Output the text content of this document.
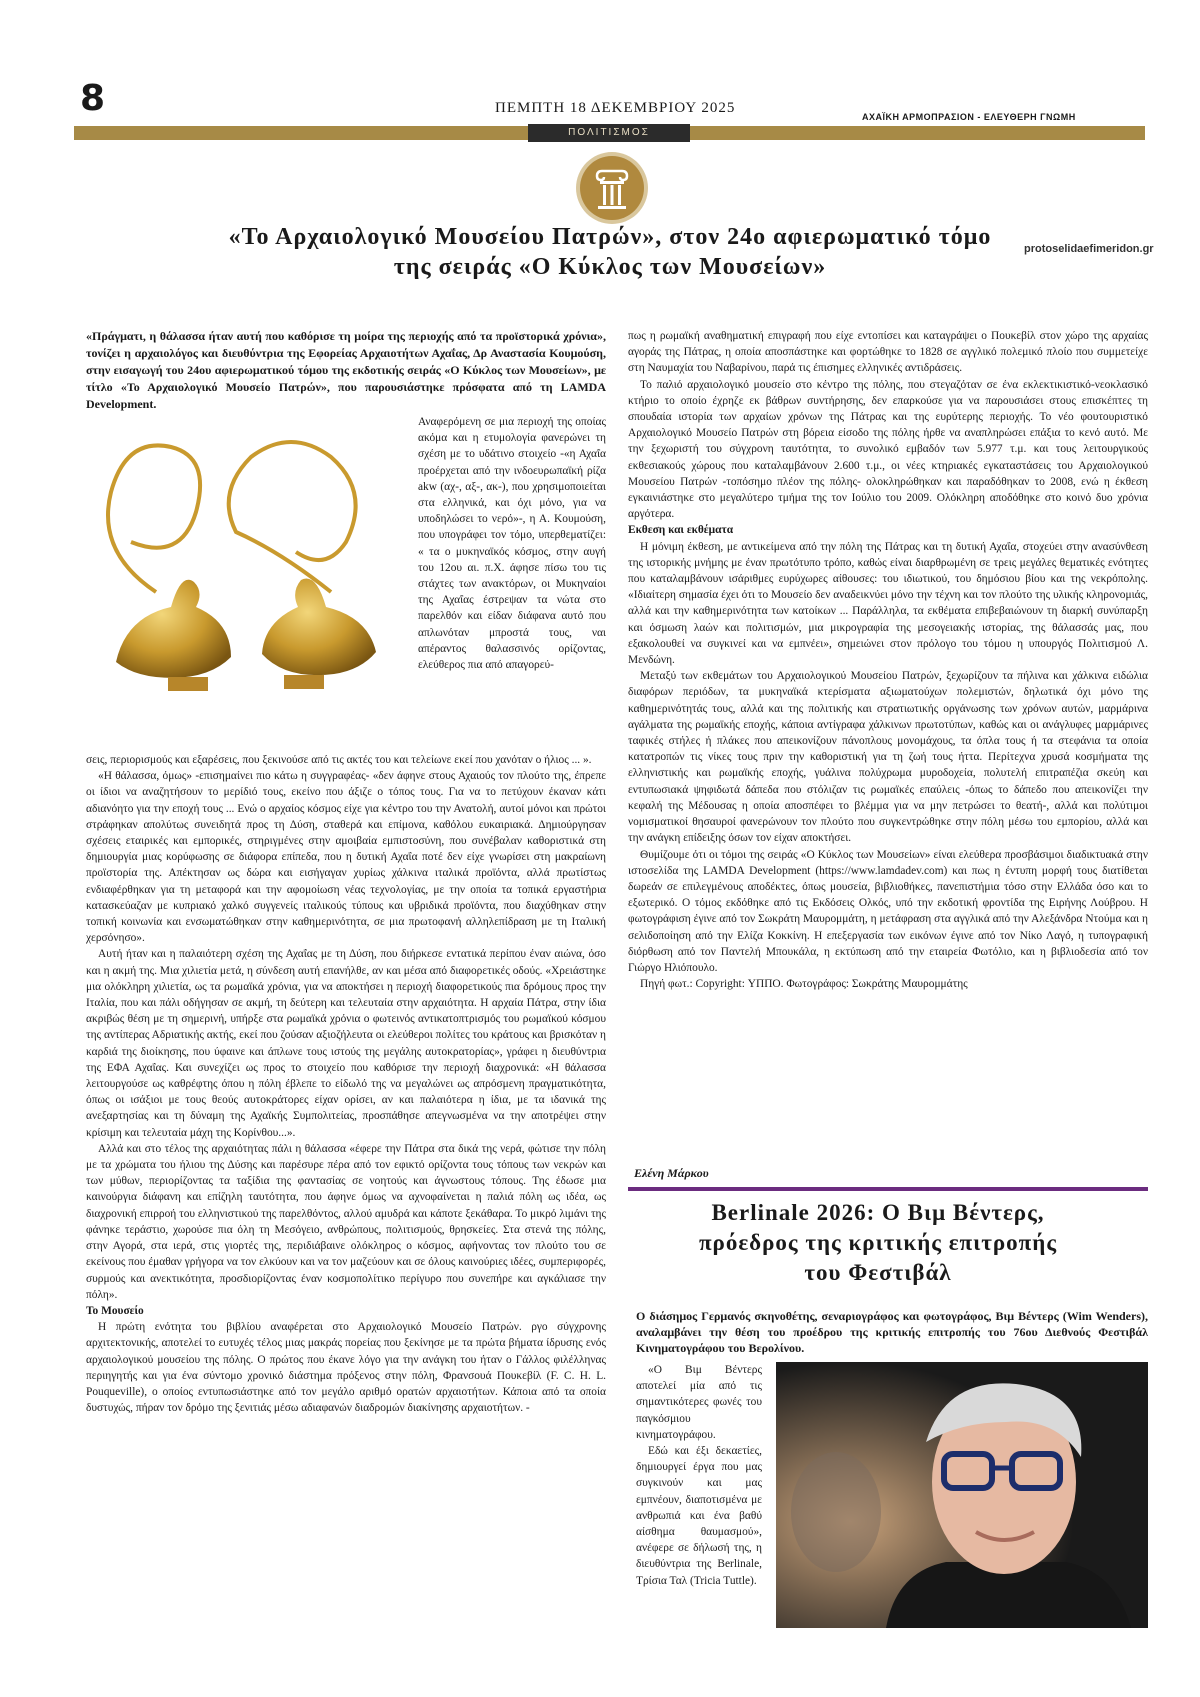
8	ΠΕΜΠΤΗ 18 ΔΕΚΕΜΒΡΙΟΥ 2025
ΑΧΑΪΚΗ ΑΡΜΟΠΡΑΣΙΟΝ - ΕΛΕΥΘΕΡΗ ΓΝΩΜΗ
ΠΟΛΙΤΙΣΜΟΣ
«Το Αρχαιολογικό Μουσείου Πατρών», στον 24ο αφιερωματικό τόμο
της σειράς «Ο Κύκλος των Μουσείων»
protoselidaefimeridon.gr
«Πράγματι, η θάλασσα ήταν αυτή που καθόρισε τη μοίρα της περιοχής από τα προϊστορικά χρόνια», τονίζει η αρχαιολόγος και διευθύντρια της Εφορείας Αρχαιοτήτων Αχαΐας, Δρ Αναστασία Κουμούση, στην εισαγωγή του 24ου αφιερωματικού τόμου της εκδοτικής σειράς «Ο Κύκλος των Μουσείων», με τίτλο «Το Αρχαιολογικό Μουσείο Πατρών», που παρουσιάστηκε πρόσφατα από τη LAMDA Development.
Αναφερόμενη σε μια περιοχή της οποίας ακόμα και η ετυμολογία φανερώνει τη σχέση με το υδάτινο στοιχείο -«η Αχαΐα προέρχεται από την ινδοευρωπαϊκή ρίζα akw (αχ-, αξ-, ακ-), που χρησιμοποιείται στα ελληνικά, και όχι μόνο, για να υποδηλώσει το νερό»-, η Α. Κουμούση, που υπογράφει τον τόμο, υπερθεματίζει: « τα ο μυκηναϊκός κόσμος, στην αυγή του 12ου αι. π.Χ. άφησε πίσω του τις στάχτες των ανακτόρων, οι Μυκηναίοι της Αχαΐας έστρεψαν τα νώτα στο παρελθόν και είδαν διάφανα αυτό που απλωνόταν μπροστά τους, ναι απέραντος θαλασσινός ορίζοντας, ελεύθερος πια από απαγορεύ-

σεις, περιορισμούς και εξαρέσεις, που ξεκινούσε από τις ακτές του και τελείωνε εκεί που χανόταν ο ήλιος ... ».

«Η θάλασσα, όμως» -επισημαίνει πιο κάτω η συγγραφέας- «δεν άφηνε στους Αχαιούς τον πλούτο της, έπρεπε οι ίδιοι να αναζητήσουν το μερίδιό τους, εκείνο που άξιζε ο τόπος τους. Για να το πετύχουν έκαναν κάτι αδιανόητο για την εποχή τους ... Ενώ ο αρχαίος κόσμος είχε για κέντρο του την Ανατολή, αυτοί μόνοι και πρώτοι στράφηκαν απολύτως συνειδητά προς τη Δύση, σταθερά και επίμονα, καθόλου ευκαιριακά. Δημιούργησαν σχέσεις εταιρικές και εμπορικές, στηριγμένες στην αμοιβαία εμπιστοσύνη, που συνέβαλαν καθοριστικά στη δημιουργία μιας κορύφωσης σε διάφορα επίπεδα, που η δυτική Αχαΐα ποτέ δεν είχε γνωρίσει στη μακραίωνη προϊστορία της. Απέκτησαν ως δώρα και εισήγαγαν χυρίως χάλκινα ιταλικά προϊόντα, αλλά πρωτίστως ενδιαφέρθηκαν για τη μεταφορά και την αφομοίωση νέας τεχνολογίας, με την οποία τα τοπικά εργαστήρια κατασκεύαζαν με κυπριακό χαλκό συγγενείς ιταλικούς τύπους και υβριδικά προϊόντα, που διαχύθηκαν στην τοπική κοινωνία και ενσωματώθηκαν στην καθημερινότητα, σε μια πρωτοφανή αλληλεπίδραση με τη Ιταλική χερσόνησο».

Αυτή ήταν και η παλαιότερη σχέση της Αχαΐας με τη Δύση, που διήρκεσε εντατικά περίπου έναν αιώνα, όσο και η ακμή της. Μια χιλιετία μετά, η σύνδεση αυτή επανήλθε, αν και μέσα από διαφορετικές οδούς. «Χρειάστηκε μια ολόκληρη χιλιετία, ως τα ρωμαϊκά χρόνια, για να αποκτήσει η περιοχή διαφορετικούς πια δρόμους προς την Ιταλία, που και πάλι οδήγησαν σε ακμή, τη δεύτερη και τελευταία στην αρχαιότητα. Η αρχαία Πάτρα, στην ίδια ακριβώς θέση με τη σημερινή, υπήρξε στα ρωμαϊκά χρόνια ο φωτεινός αντικατοπτρισμός του ρωμαϊκού κόσμου της αντίπερας Αδριατικής ακτής, εκεί που ζούσαν αξιοζήλευτα οι ελεύθεροι πολίτες του κράτους και βρισκόταν η καρδιά της διοίκησης, που ύφαινε και άπλωνε τους ιστούς της μεγάλης αυτοκρατορίας», γράφει η διευθύντρια της ΕΦΑ Αχαΐας. Και συνεχίζει ως προς το στοιχείο που καθόρισε την περιοχή διαχρονικά: «Η θάλασσα λειτουργούσε ως καθρέφτης όπου η πόλη έβλεπε το είδωλό της να μεγαλώνει ως απρόσμενη πραγματικότητα, όπως οι ισάξιοι με τους θεούς αυτοκράτορες είχαν ορίσει, αν και παλαιότερα η ίδια, με τα ιδανικά της ανεξαρτησίας και τη δύναμη της Αχαϊκής Συμπολιτείας, προσπάθησε απεγνωσμένα να την αποτρέψει στην κρίσιμη και τελευταία μάχη της Κορίνθου...».

Αλλά και στο τέλος της αρχαιότητας πάλι η θάλασσα «έφερε την Πάτρα στα δικά της νερά, φώτισε την πόλη με τα χρώματα του ήλιου της Δύσης και παρέσυρε πέρα από τον εφικτό ορίζοντα τους τόπους των νεκρών και των μύθων, περιορίζοντας τα ταξίδια της φαντασίας σε νοητούς και άγνωστους τόπους. Της έδωσε μια καινούργια διάφανη και επίζηλη ταυτότητα, που άφηνε όμως να αχνοφαίνεται η παλιά πόλη ως ιδέα, ως διαχρονική επιρροή του ελληνιστικού της παρελθόντος, αλλού αμυδρά και κάποτε ξεκάθαρα. Το μικρό λιμάνι της φάνηκε τεράστιο, χωρούσε πια όλη τη Μεσόγειο, ανθρώπους, πολιτισμούς, θρησκείες. Στα στενά της πόλης, στην Αγορά, στα ιερά, στις γιορτές της, περιδιάβαινε ολόκληρος ο κόσμος, αφήνοντας τον πλούτο του σε εκείνους που έμαθαν γρήγορα να τον ελκύουν και να τον μαζεύουν και σε όλους καινούριες ιδέες, συμπεριφορές, συρμούς και ανεκτικότητα, προσδιορίζοντας έναν κοσμοπολίτικο περίγυρο που συνεπήρε και αγκάλιασε την πόλη».

Το Μουσείο

Η πρώτη ενότητα του βιβλίου αναφέρεται στο Αρχαιολογικό Μουσείο Πατρών. ργο σύγχρονης αρχιτεκτονικής, αποτελεί το ευτυχές τέλος μιας μακράς πορείας που ξεκίνησε με τα πρώτα βήματα ίδρυσης ενός αρχαιολογικού μουσείου της πόλης. Ο πρώτος που έκανε λόγο για την ανάγκη του ήταν ο Γάλλος φιλέλληνας περιηγητής και για ένα σύντομο χρονικό διάστημα πρόξενος στην πόλη, Φρανσουά Πουκεβίλ (F. C. H. L. Pouqueville), ο οποίος εντυπωσιάστηκε από τον μεγάλο αριθμό ορατών αρχαιοτήτων. Κάποια από τα οποία δυστυχώς, πήραν τον δρόμο της ξενιτιάς μέσω αδιαφανών διαδρομών διακίνησης αρχαιοτήτων. -

πως η ρωμαϊκή αναθηματική επιγραφή που είχε εντοπίσει και καταγράψει ο Πουκεβίλ στον χώρο της αρχαίας αγοράς της Πάτρας, η οποία αποσπάστηκε και φορτώθηκε το 1828 σε αγγλικό πολεμικό πλοίο που συμμετείχε στη Ναυμαχία του Ναβαρίνου, παρά τις έπισημες ελληνικές αντιδράσεις.

Το παλιό αρχαιολογικό μουσείο στο κέντρο της πόλης, που στεγαζόταν σε ένα εκλεκτικιστικό-νεοκλασικό κτήριο το οποίο έχρηζε εκ βάθρων συντήρησης, δεν επαρκούσε για να παρουσιάσει στους επισκέπτες τη σπουδαία ιστορία των αρχαίων χρόνων της Πάτρας και της ευρύτερης περιοχής. Το νέο φουτουριστικό Αρχαιολογικό Μουσείο Πατρών στη βόρεια είσοδο της πόλης ήρθε να αναπληρώσει επάξια το κενό αυτό. Με την ξεχωριστή του σύγχρονη ταυτότητα, το συνολικό εμβαδόν των 5.977 τ.μ. και τους λειτουργικούς εκθεσιακούς χώρους που καταλαμβάνουν 2.600 τ.μ., οι νέες κτηριακές εγκαταστάσεις του Αρχαιολογικού Μουσείου Πατρών -τοπόσημο πλέον της πόλης- ολοκληρώθηκαν και παραδόθηκαν το 2008, ενώ η έκθεση εγκαινιάστηκε στο μεγαλύτερο τμήμα της τον Ιούλιο του 2009. Ολόκληρη αποδόθηκε στο κοινό δυο χρόνια αργότερα.

Εκθεση και εκθέματα

Η μόνιμη έκθεση, με αντικείμενα από την πόλη της Πάτρας και τη δυτική Αχαΐα, στοχεύει στην ανασύνθεση της ιστορικής μνήμης με έναν πρωτότυπο τρόπο, καθώς είναι διαρθρωμένη σε τρεις μεγάλες θεματικές ενότητες που καταλαμβάνουν ισάριθμες ευρύχωρες αίθουσες: του ιδιωτικού, του δημόσιου βίου και της νεκρόπολης. «Ιδιαίτερη σημασία έχει ότι το Μουσείο δεν αναδεικνύει μόνο την τέχνη και τον πλούτο της υλικής κληρονομιάς, αλλά και την καθημερινότητα των κατοίκων ... Παράλληλα, τα εκθέματα επιβεβαιώνουν τη διαρκή συνύπαρξη και όσμωση λαών και πολιτισμών, μια μικρογραφία της μεσογειακής ιστορίας, της θάλασσάς μας, που εξακολουθεί να συγκινεί και να εμπνέει», σημειώνει στον πρόλογο του τόμου η υπουργός Πολιτισμού Λ. Μενδώνη.

Μεταξύ των εκθεμάτων του Αρχαιολογικού Μουσείου Πατρών, ξεχωρίζουν τα πήλινα και χάλκινα ειδώλια διαφόρων περιόδων, τα μυκηναϊκά κτερίσματα αξιωματούχων πολεμιστών, δηλωτικά όχι μόνο της καθημερινότητάς τους, αλλά και της πολιτικής και στρατιωτικής οργάνωσης των χρόνων αυτών, μαρμάρινα αγάλματα της ρωμαϊκής εποχής, κάποια αντίγραφα χάλκινων πρωτοτύπων, καθώς και οι ανάγλυφες μαρμάρινες ταφικές στήλες ή πλάκες που απεικονίζουν πάνοπλους μονομάχους, τα όπλα τους ή τα στεφάνια τα οποία κατατροπών τις νίκες τους πριν την καθοριστική για τη ζωή τους ήττα. Περίτεχνα χρυσά κοσμήματα της ελληνιστικής και ρωμαϊκής εποχής, γυάλινα πολύχρωμα μυροδοχεία, πολυτελή επιτραπέζια σκεύη και εντυπωσιακά ψηφιδωτά δάπεδα που στόλιζαν τις ρωμαϊκές επαύλεις -όπως το δάπεδο που απεικονίζει την κεφαλή της Μέδουσας η οποία αποσπέφει το βλέμμα για να μην πετρώσει το θεατή-, αλλά και πολύτιμοι νομισματικοί θησαυροί φανερώνουν τον πλούτο που συγκεντρώθηκε στην πόλη μέσω του εμπορίου, αλλά και την ανάγκη επίδειξης όσων τον είχαν αποκτήσει.

Θυμίζουμε ότι οι τόμοι της σειράς «Ο Κύκλος των Μουσείων» είναι ελεύθερα προσβάσιμοι διαδικτυακά στην ιστοσελίδα της LAMDA Development (https://www.lamdadev.com) και πως η έντυπη μορφή τους διατίθεται δωρεάν σε επιλεγμένους αποδέκτες, όπως μουσεία, βιβλιοθήκες, πανεπιστήμια τόσο στην Ελλάδα όσο και το εξωτερικό. Ο τόμος εκδόθηκε από τις Εκδόσεις Ολκός, υπό την εκδοτική φροντίδα της Ειρήνης Λούβρου. Η φωτογράφιση έγινε από τον Σωκράτη Μαυρομμάτη, η μετάφραση στα αγγλικά από την Αλεξάνδρα Ντούμα και η σελιδοποίηση από την Ελίζα Κοκκίνη. Η επεξεργασία των εικόνων έγινε από τον Νίκο Λαγό, η τυπογραφική διόρθωση από τον Παντελή Μπουκάλα, η εκτύπωση από την εταιρεία Φωτόλιο, και η βιβλιοδεσία από τον Γιώργο Ηλιόπουλο.

Πηγή φωτ.: Copyright: ΥΠΠΟ. Φωτογράφος: Σωκράτης Μαυρομμάτης

Ελένη Μάρκου
Berlinale 2026: Ο Βιμ Βέντερς,
πρόεδρος της κριτικής επιτροπής
του Φεστιβάλ
Ο διάσημος Γερμανός σκηνοθέτης, σεναριογράφος και φωτογράφος, Βιμ Βέντερς (Wim Wenders), αναλαμβάνει την θέση του προέδρου της κριτικής επιτροπής του 76ου Διεθνούς Φεστιβάλ Κινηματογράφου του Βερολίνου.

«Ο Βιμ Βέντερς αποτελεί μία από τις σημαντικότερες φωνές του παγκόσμιου κινηματογράφου.

Εδώ και έξι δεκαετίες, δημιουργεί έργα που μας συγκινούν και μας εμπνέουν, διαποτισμένα με ανθρωπιά και ένα βαθύ αίσθημα θαυμασμού», ανέφερε σε δήλωσή της, η διευθύντρια της Berlinale, Τρίσια Ταλ (Tricia Tuttle).
